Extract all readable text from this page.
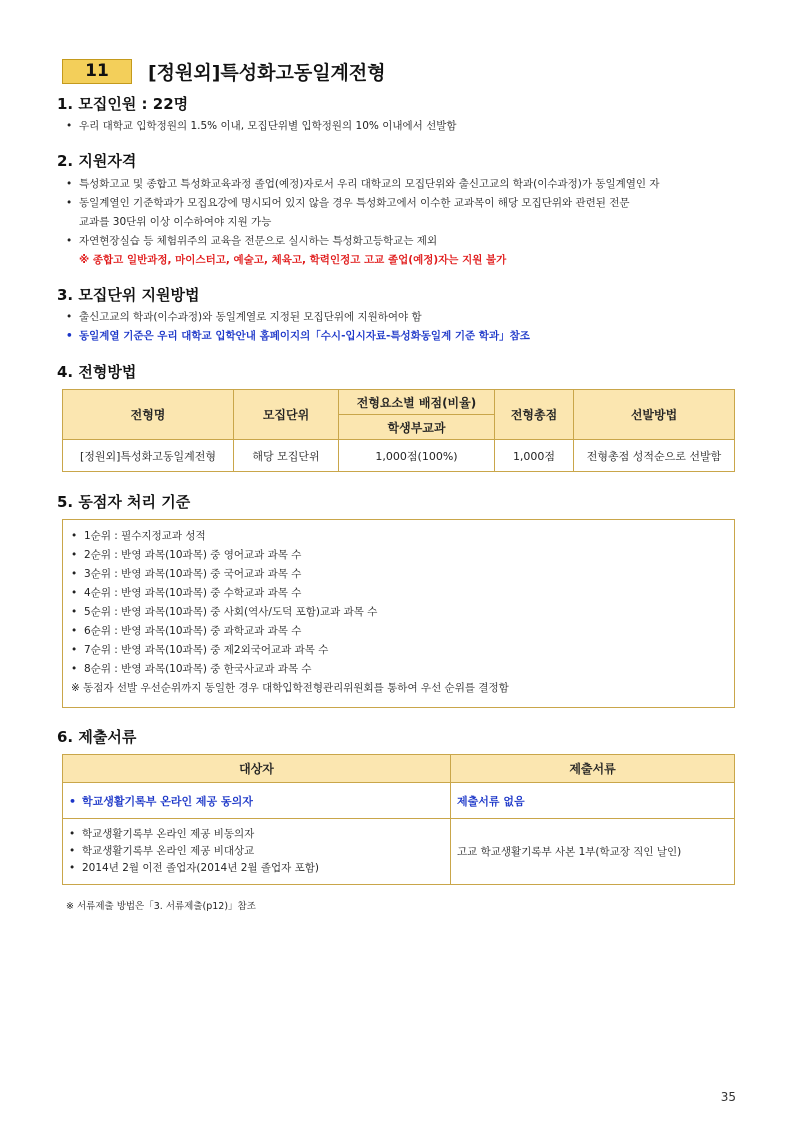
11	[정원외]특성화고동일계전형
1. 모집인원 : 22명
• 우리 대학교 입학정원의 1.5% 이내, 모집단위별 입학정원의 10% 이내에서 선발함
2. 지원자격
• 특성화고교 및 종합고 특성화교육과정 졸업(예정)자로서 우리 대학교의 모집단위와 출신고교의 학과(이수과정)가 동일계열인 자
• 동일계열인 기준학과가 모집요강에 명시되어 있지 않을 경우 특성화고에서 이수한 교과목이 해당 모집단위와 관련된 전문
교과를 30단위 이상 이수하여야 지원 가능
• 자연현장실습 등 체험위주의 교육을 전문으로 실시하는 특성화고등학교는 제외
※ 종합고 일반과정, 마이스터고, 예술고, 체육고, 학력인정고 고교 졸업(예정)자는 지원 불가
3. 모집단위 지원방법
• 출신고교의 학과(이수과정)와 동일계열로 지정된 모집단위에 지원하여야 함
• 동일계열 기준은 우리 대학교 입학안내 홈페이지의「수시-입시자료-특성화동일계 기준 학과」참조
4. 전형방법
전형명	모집단위	전형요소별 배점(비율)	전형총점	선발방법
		학생부교과		
[정원외]특성화고동일계전형	해당 모집단위	1,000점(100%)	1,000점	전형총점 성적순으로 선발함
5. 동점자 처리 기준
• 1순위 : 필수지정교과 성적
• 2순위 : 반영 과목(10과목) 중 영어교과 과목 수
• 3순위 : 반영 과목(10과목) 중 국어교과 과목 수
• 4순위 : 반영 과목(10과목) 중 수학교과 과목 수
• 5순위 : 반영 과목(10과목) 중 사회(역사/도덕 포함)교과 과목 수
• 6순위 : 반영 과목(10과목) 중 과학교과 과목 수
• 7순위 : 반영 과목(10과목) 중 제2외국어교과 과목 수
• 8순위 : 반영 과목(10과목) 중 한국사교과 과목 수
※ 동점자 선발 우선순위까지 동일한 경우 대학입학전형관리위원회를 통하여 우선 순위를 결정함
6. 제출서류
대상자	제출서류
• 학교생활기록부 온라인 제공 동의자	제출서류 없음

• 학교생활기록부 온라인 제공 비동의자
• 학교생활기록부 온라인 제공 비대상교
• 2014년 2월 이전 졸업자(2014년 2월 졸업자 포함)	고교 학교생활기록부 사본 1부(학교장 직인 날인)
※ 서류제출 방법은「3. 서류제출(p12)」참조
35
